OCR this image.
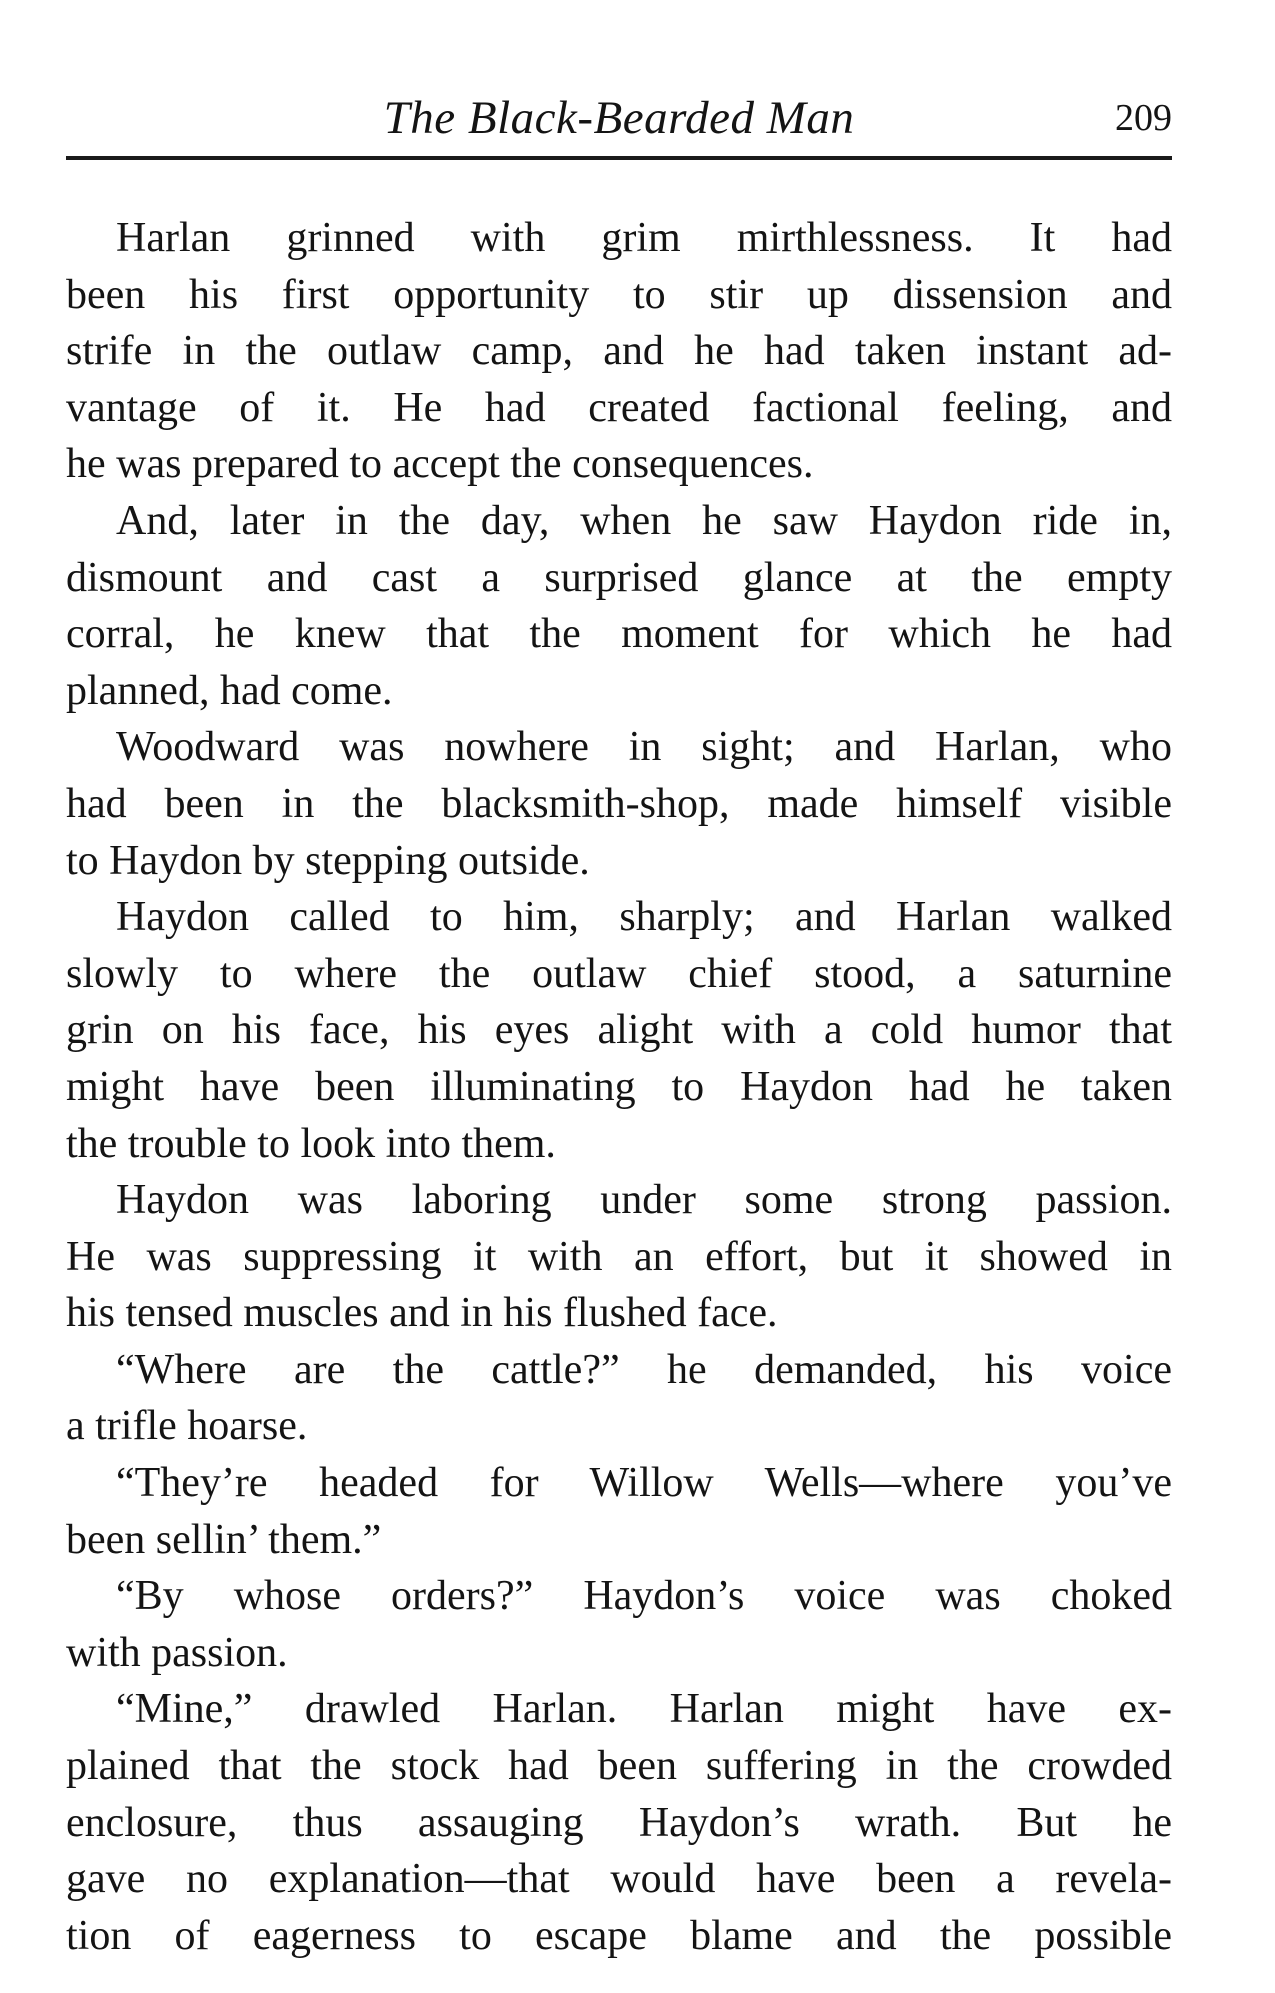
The Black-Bearded Man	209
Harlan grinned with grim mirthlessness. It had
been his first opportunity to stir up dissension and
strife in the outlaw camp, and he had taken instant ad-
vantage of it. He had created factional feeling, and
he was prepared to accept the consequences.
And, later in the day, when he saw Haydon ride in,
dismount and cast a surprised glance at the empty
corral, he knew that the moment for which he had
planned, had come.
Woodward was nowhere in sight; and Harlan, who
had been in the blacksmith-shop, made himself visible
to Haydon by stepping outside.
Haydon called to him, sharply; and Harlan walked
slowly to where the outlaw chief stood, a saturnine
grin on his face, his eyes alight with a cold humor that
might have been illuminating to Haydon had he taken
the trouble to look into them.
Haydon was laboring under some strong passion.
He was suppressing it with an effort, but it showed in
his tensed muscles and in his flushed face.
“Where are the cattle?” he demanded, his voice
a trifle hoarse.
“They’re headed for Willow Wells—where you’ve
been sellin’ them.”
“By whose orders?” Haydon’s voice was choked
with passion.
“Mine,” drawled Harlan. Harlan might have ex-
plained that the stock had been suffering in the crowded
enclosure, thus assauging Haydon’s wrath. But he
gave no explanation—that would have been a revela-
tion of eagerness to escape blame and the possible
